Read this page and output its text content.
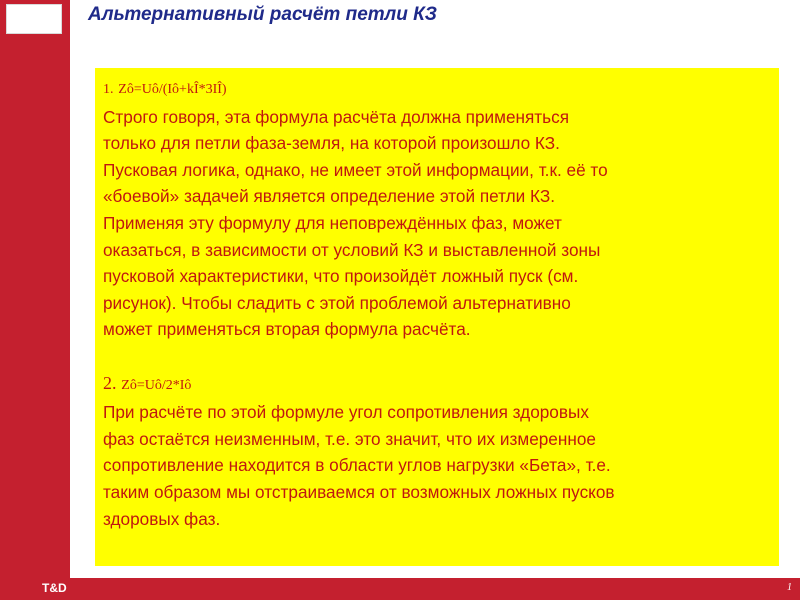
Альтернативный расчёт петли КЗ
1. Zô=Uô/(Iô+kÎ*3IÎ)
Строго говоря, эта формула расчёта должна применяться
только для петли фаза-земля, на которой произошло КЗ.
Пусковая логика, однако, не имеет этой информации, т.к. её то
«боевой» задачей является определение этой петли КЗ.
Применяя эту формулу для неповреждённых фаз, может
оказаться, в зависимости от условий КЗ и выставленной зоны
пусковой характеристики, что произойдёт ложный пуск (см.
рисунок). Чтобы сладить с этой проблемой альтернативно
может применяться вторая формула расчёта.
2. Zô=Uô/2*Iô
При расчёте по этой формуле угол сопротивления здоровых
фаз остаётся неизменным, т.е. это значит, что их измеренное
сопротивление находится в области углов нагрузки «Бета», т.е.
таким образом мы отстраиваемся от возможных ложных пусков
здоровых фаз.
T&D	1
